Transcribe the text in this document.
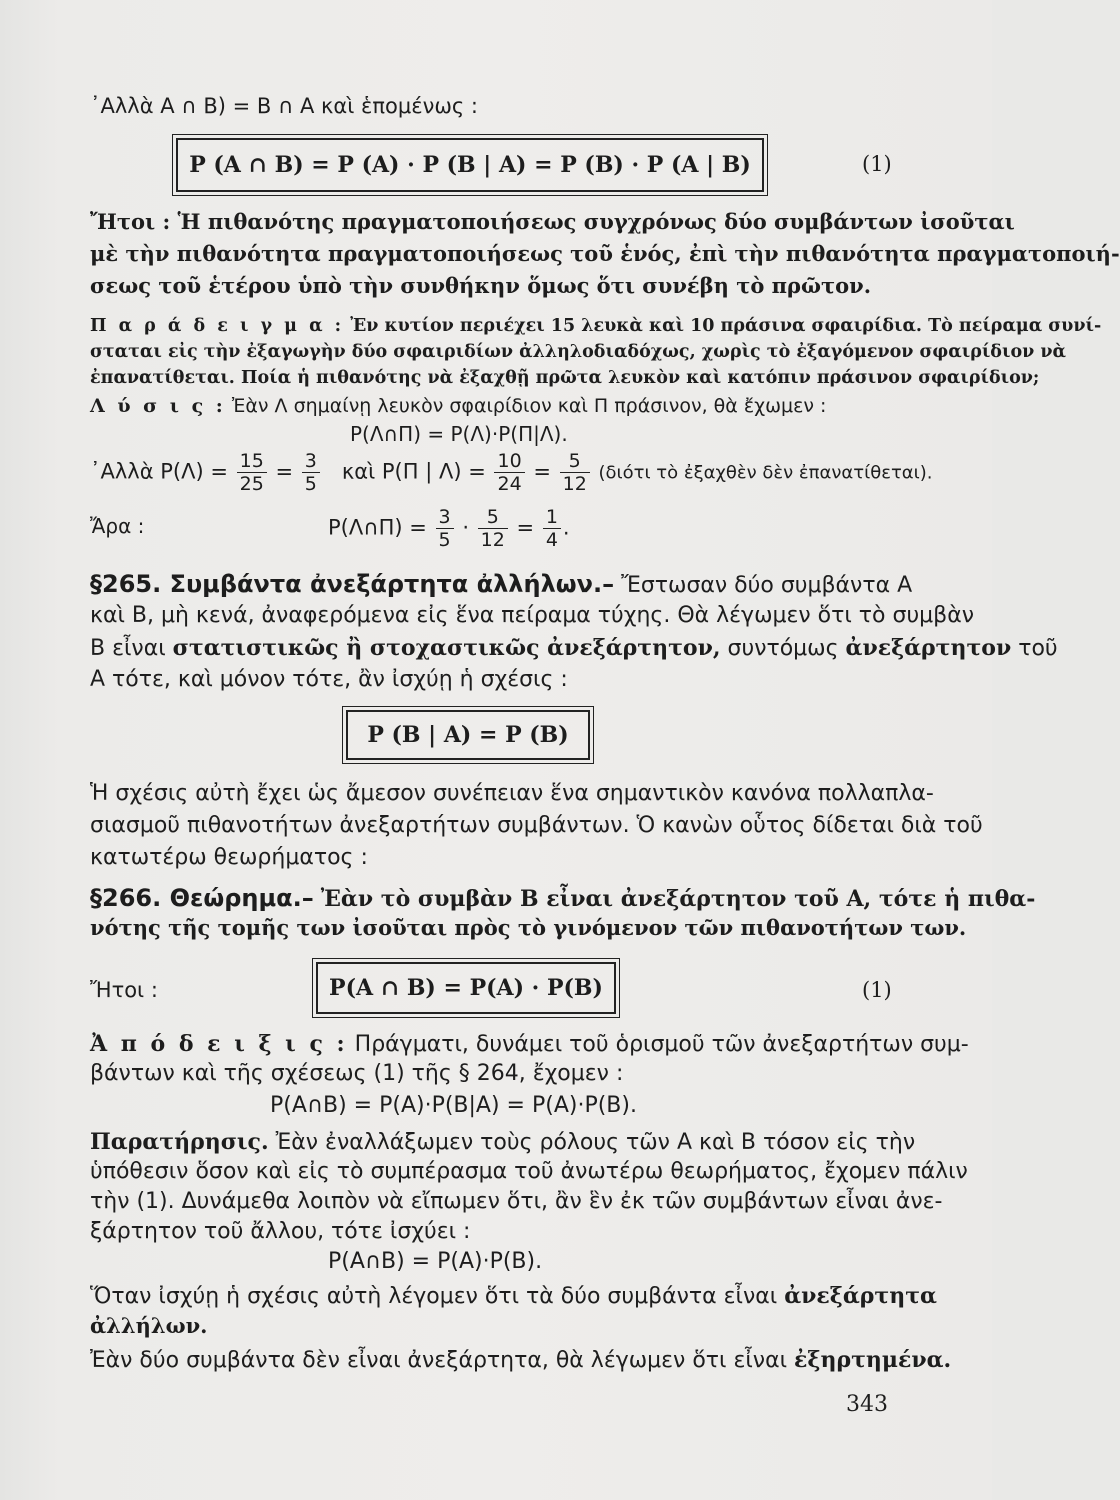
᾿Αλλὰ Α ∩ Β) = Β ∩ Α καὶ ἑπομένως :
P (A ∩ B) = P (A) · P (B | A) = P (B) · P (A | B)	(1)
Ἤτοι : Ἡ πιθανότης πραγματοποιήσεως συγχρόνως δύο συμβάντων ἰσοῦται
μὲ τὴν πιθανότητα πραγματοποιήσεως τοῦ ἑνός, ἐπὶ τὴν πιθανότητα πραγματοποιή-
σεως τοῦ ἑτέρου ὑπὸ τὴν συνθήκην ὅμως ὅτι συνέβη τὸ πρῶτον.
Π α ρ ά δ ε ι γ μ α : Ἐν κυτίον περιέχει 15 λευκὰ καὶ 10 πράσινα σφαιρίδια. Τὸ πείραμα συνί-
σταται εἰς τὴν ἐξαγωγὴν δύο σφαιριδίων ἀλληλοδιαδόχως, χωρὶς τὸ ἐξαγόμενον σφαιρίδιον νὰ
ἐπανατίθεται. Ποία ἡ πιθανότης νὰ ἐξαχθῇ πρῶτα λευκὸν καὶ κατόπιν πράσινον σφαιρίδιον;
Λ ύ σ ι ς : Ἐὰν Λ σημαίνῃ λευκὸν σφαιρίδιον καὶ Π πράσινον, θὰ ἔχωμεν :
P(Λ∩Π) = P(Λ)·P(Π|Λ).
᾿Αλλὰ $P(\Lambda) = \frac{15}{25} = \frac{3}{5}$ καὶ P(Π | $\Lambda) = \frac{10}{24} = \frac{5}{12} (\delta\iota ό\tau\iota$ τὸ ἐξαχθὲν δὲν ἐπανατίθεται).
Ἄρα :	P(Λ∩Π) = $\frac{3}{5} \cdot \frac{5}{12} = \frac{1}{4}$ .
§265. Συμβάντα ἀνεξάρτητα ἀλλήλων.– Ἔστωσαν δύο συμβάντα Α
καὶ Β, μὴ κενά, ἀναφερόμενα εἰς ἕνα πείραμα τύχης. Θὰ λέγωμεν ὅτι τὸ συμβὰν
Β εἶναι στατιστικῶς ἢ στοχαστικῶς ἀνεξάρτητον, συντόμως ἀνεξάρτητον τοῦ
Α τότε, καὶ μόνον τότε, ἂν ἰσχύῃ ἡ σχέσις :
P (B | A) = P (B)
Ἡ σχέσις αὐτὴ ἔχει ὡς ἄμεσον συνέπειαν ἕνα σημαντικὸν κανόνα πολλαπλα-
σιασμοῦ πιθανοτήτων ἀνεξαρτήτων συμβάντων. Ὁ κανὼν οὗτος δίδεται διὰ τοῦ
κατωτέρω θεωρήματος :
§266. Θεώρημα.– Ἐὰν τὸ συμβὰν Β εἶναι ἀνεξάρτητον τοῦ Α, τότε ἡ πιθα-
νότης τῆς τομῆς των ἰσοῦται πρὸς τὸ γινόμενον τῶν πιθανοτήτων των.
Ἤτοι :	P(A ∩ B) = P(A) · P(B)	(1)
Ἀ π ό δ ε ι ξ ι ς : Πράγματι, δυνάμει τοῦ ὁρισμοῦ τῶν ἀνεξαρτήτων συμ-
βάντων καὶ τῆς σχέσεως (1) τῆς § 264, ἔχομεν :
P(A∩B) = P(A)·P(B|A) = P(A)·P(B).
Παρατήρησις. Ἐὰν ἐναλλάξωμεν τοὺς ρόλους τῶν Α καὶ Β τόσον εἰς τὴν
ὑπόθεσιν ὅσον καὶ εἰς τὸ συμπέρασμα τοῦ ἀνωτέρω θεωρήματος, ἔχομεν πάλιν
τὴν (1). Δυνάμεθα λοιπὸν νὰ εἴπωμεν ὅτι, ἂν ἓν ἐκ τῶν συμβάντων εἶναι ἀνε-
ξάρτητον τοῦ ἄλλου, τότε ἰσχύει :
P(A∩B) = P(A)·P(B).
Ὅταν ἰσχύῃ ἡ σχέσις αὐτὴ λέγομεν ὅτι τὰ δύο συμβάντα εἶναι ἀνεξάρτητα
ἀλλήλων.
Ἐὰν δύο συμβάντα δὲν εἶναι ἀνεξάρτητα, θὰ λέγωμεν ὅτι εἶναι ἐξηρτημένα.
343
